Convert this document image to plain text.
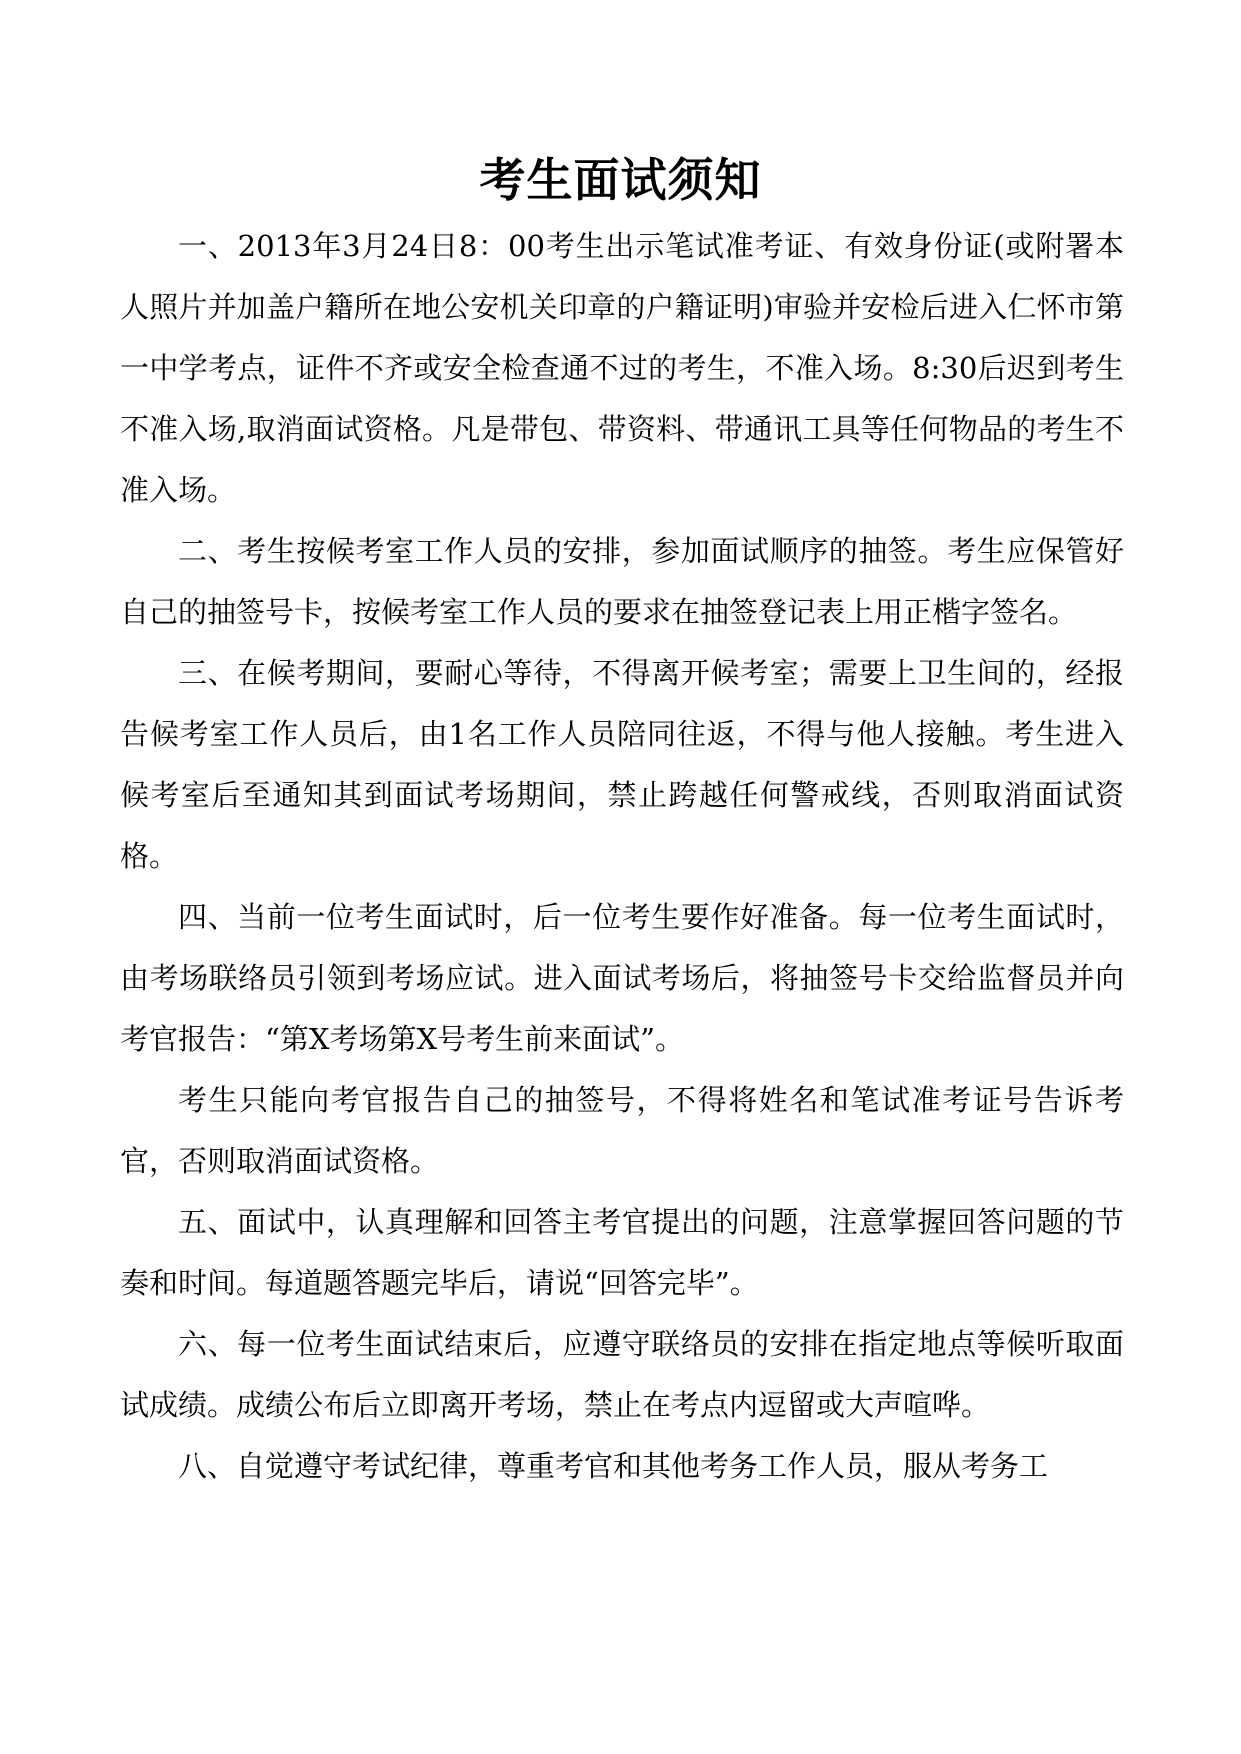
考生面试须知

一、2013年3月24日8：00考生出示笔试准考证、有效身份证(或附署本人照片并加盖户籍所在地公安机关印章的户籍证明)审验并安检后进入仁怀市第一中学考点，证件不齐或安全检查通不过的考生，不准入场。8:30后迟到考生不准入场,取消面试资格。凡是带包、带资料、带通讯工具等任何物品的考生不准入场。

二、考生按候考室工作人员的安排，参加面试顺序的抽签。考生应保管好自己的抽签号卡，按候考室工作人员的要求在抽签登记表上用正楷字签名。

三、在候考期间，要耐心等待，不得离开候考室；需要上卫生间的，经报告候考室工作人员后，由1名工作人员陪同往返，不得与他人接触。考生进入候考室后至通知其到面试考场期间，禁止跨越任何警戒线，否则取消面试资格。

四、当前一位考生面试时，后一位考生要作好准备。每一位考生面试时，由考场联络员引领到考场应试。进入面试考场后，将抽签号卡交给监督员并向考官报告：“第X考场第X号考生前来面试”。

考生只能向考官报告自己的抽签号，不得将姓名和笔试准考证号告诉考官，否则取消面试资格。

五、面试中，认真理解和回答主考官提出的问题，注意掌握回答问题的节奏和时间。每道题答题完毕后，请说“回答完毕”。

六、每一位考生面试结束后，应遵守联络员的安排在指定地点等候听取面试成绩。成绩公布后立即离开考场，禁止在考点内逗留或大声喧哗。

八、自觉遵守考试纪律，尊重考官和其他考务工作人员，服从考务工
